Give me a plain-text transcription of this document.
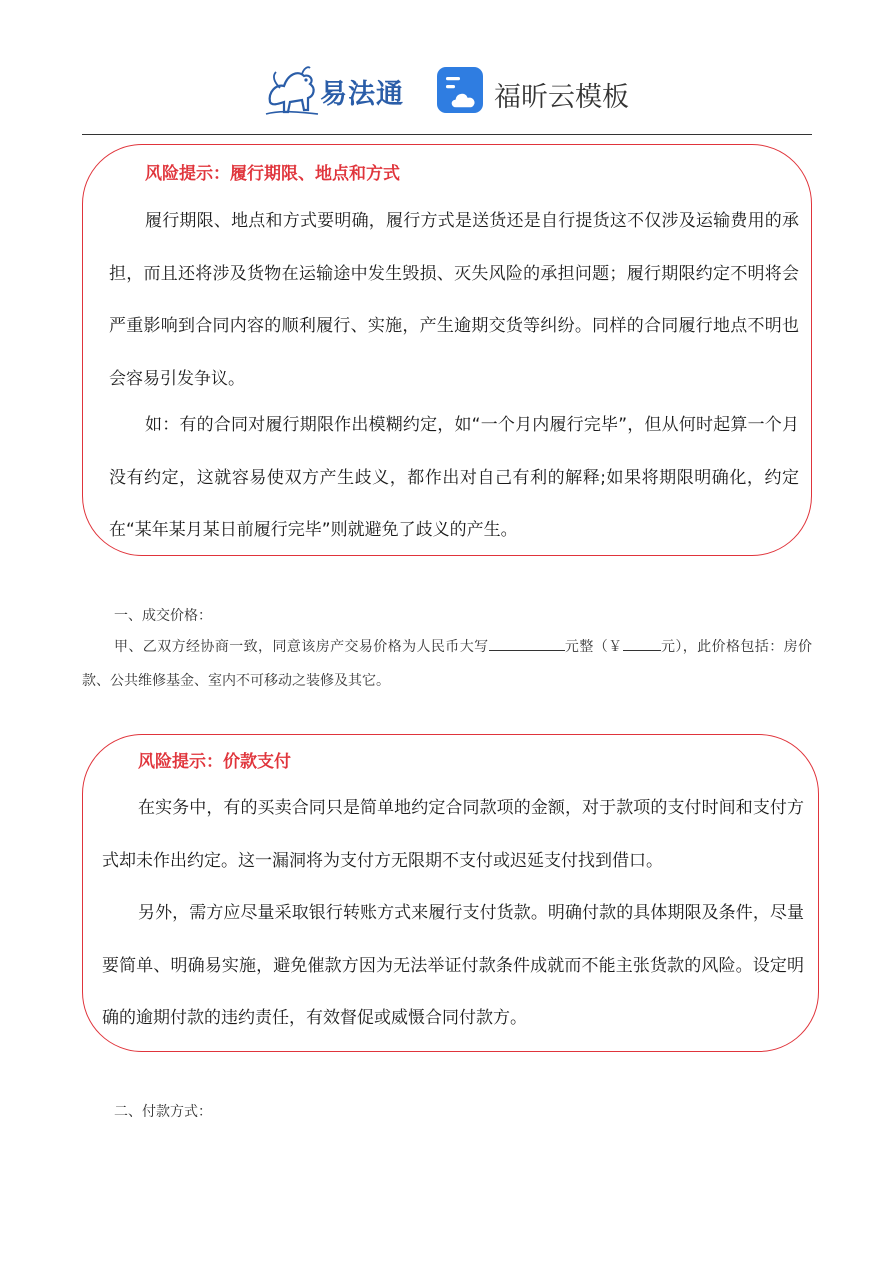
易法通	福昕云模板
风险提示：履行期限、地点和方式

履行期限、地点和方式要明确，履行方式是送货还是自行提货这不仅涉及运输费用的承担，而且还将涉及货物在运输途中发生毁损、灭失风险的承担问题；履行期限约定不明将会严重影响到合同内容的顺利履行、实施，产生逾期交货等纠纷。同样的合同履行地点不明也会容易引发争议。

如：有的合同对履行期限作出模糊约定，如“一个月内履行完毕”，但从何时起算一个月没有约定，这就容易使双方产生歧义，都作出对自己有利的解释;如果将期限明确化，约定在“某年某月某日前履行完毕”则就避免了歧义的产生。

一、成交价格：

甲、乙双方经协商一致，同意该房产交易价格为人民币大写	元整（￥	元），此价格包括：房价款、公共维修基金、室内不可移动之装修及其它。

风险提示：价款支付

在实务中，有的买卖合同只是简单地约定合同款项的金额，对于款项的支付时间和支付方式却未作出约定。这一漏洞将为支付方无限期不支付或迟延支付找到借口。

另外，需方应尽量采取银行转账方式来履行支付货款。明确付款的具体期限及条件，尽量要简单、明确易实施，避免催款方因为无法举证付款条件成就而不能主张货款的风险。设定明确的逾期付款的违约责任，有效督促或威慑合同付款方。

二、付款方式：
